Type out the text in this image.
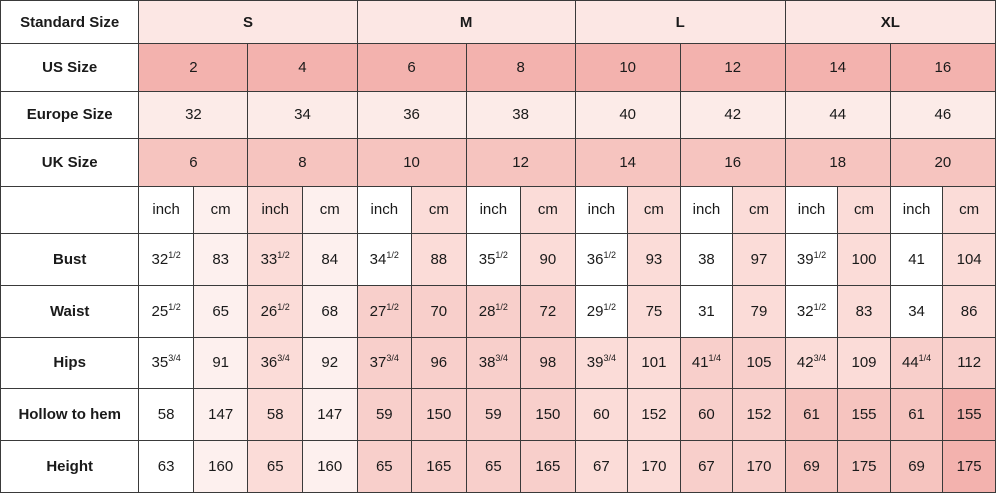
Standard Size	S				M				L				XL			
US Size	2		4		6		8		10		12		14		16	
Europe Size	32		34		36		38		40		42		44		46	
UK Size	6		8		10		12		14		16		18		20	
	inch	cm	inch	cm	inch	cm	inch	cm	inch	cm	inch	cm	inch	cm	inch	cm
Bust	$32^{1/2}$	83	$33^{1/2}$	84	$34^{1/2}$	88	$35^{1/2}$	90	$36^{1/2}$	93	38	97	$39^{1/2}$	100	41	104
Waist	$25^{1/2}$	65	$26^{1/2}$	68	$27^{1/2}$	70	$28^{1/2}$	72	$29^{1/2}$	75	31	79	$32^{1/2}$	83	34	86
Hips	$35^{3/4}$	91	$36^{3/4}$	92	$37^{3/4}$	96	$38^{3/4}$	98	$39^{3/4}$	101	$41^{1/4}$	105	$42^{3/4}$	109	$44^{1/4}$	112
Hollow to hem	58	147	58	147	59	150	59	150	60	152	60	152	61	155	61	155
Height	63	160	65	160	65	165	65	165	67	170	67	170	69	175	69	175
